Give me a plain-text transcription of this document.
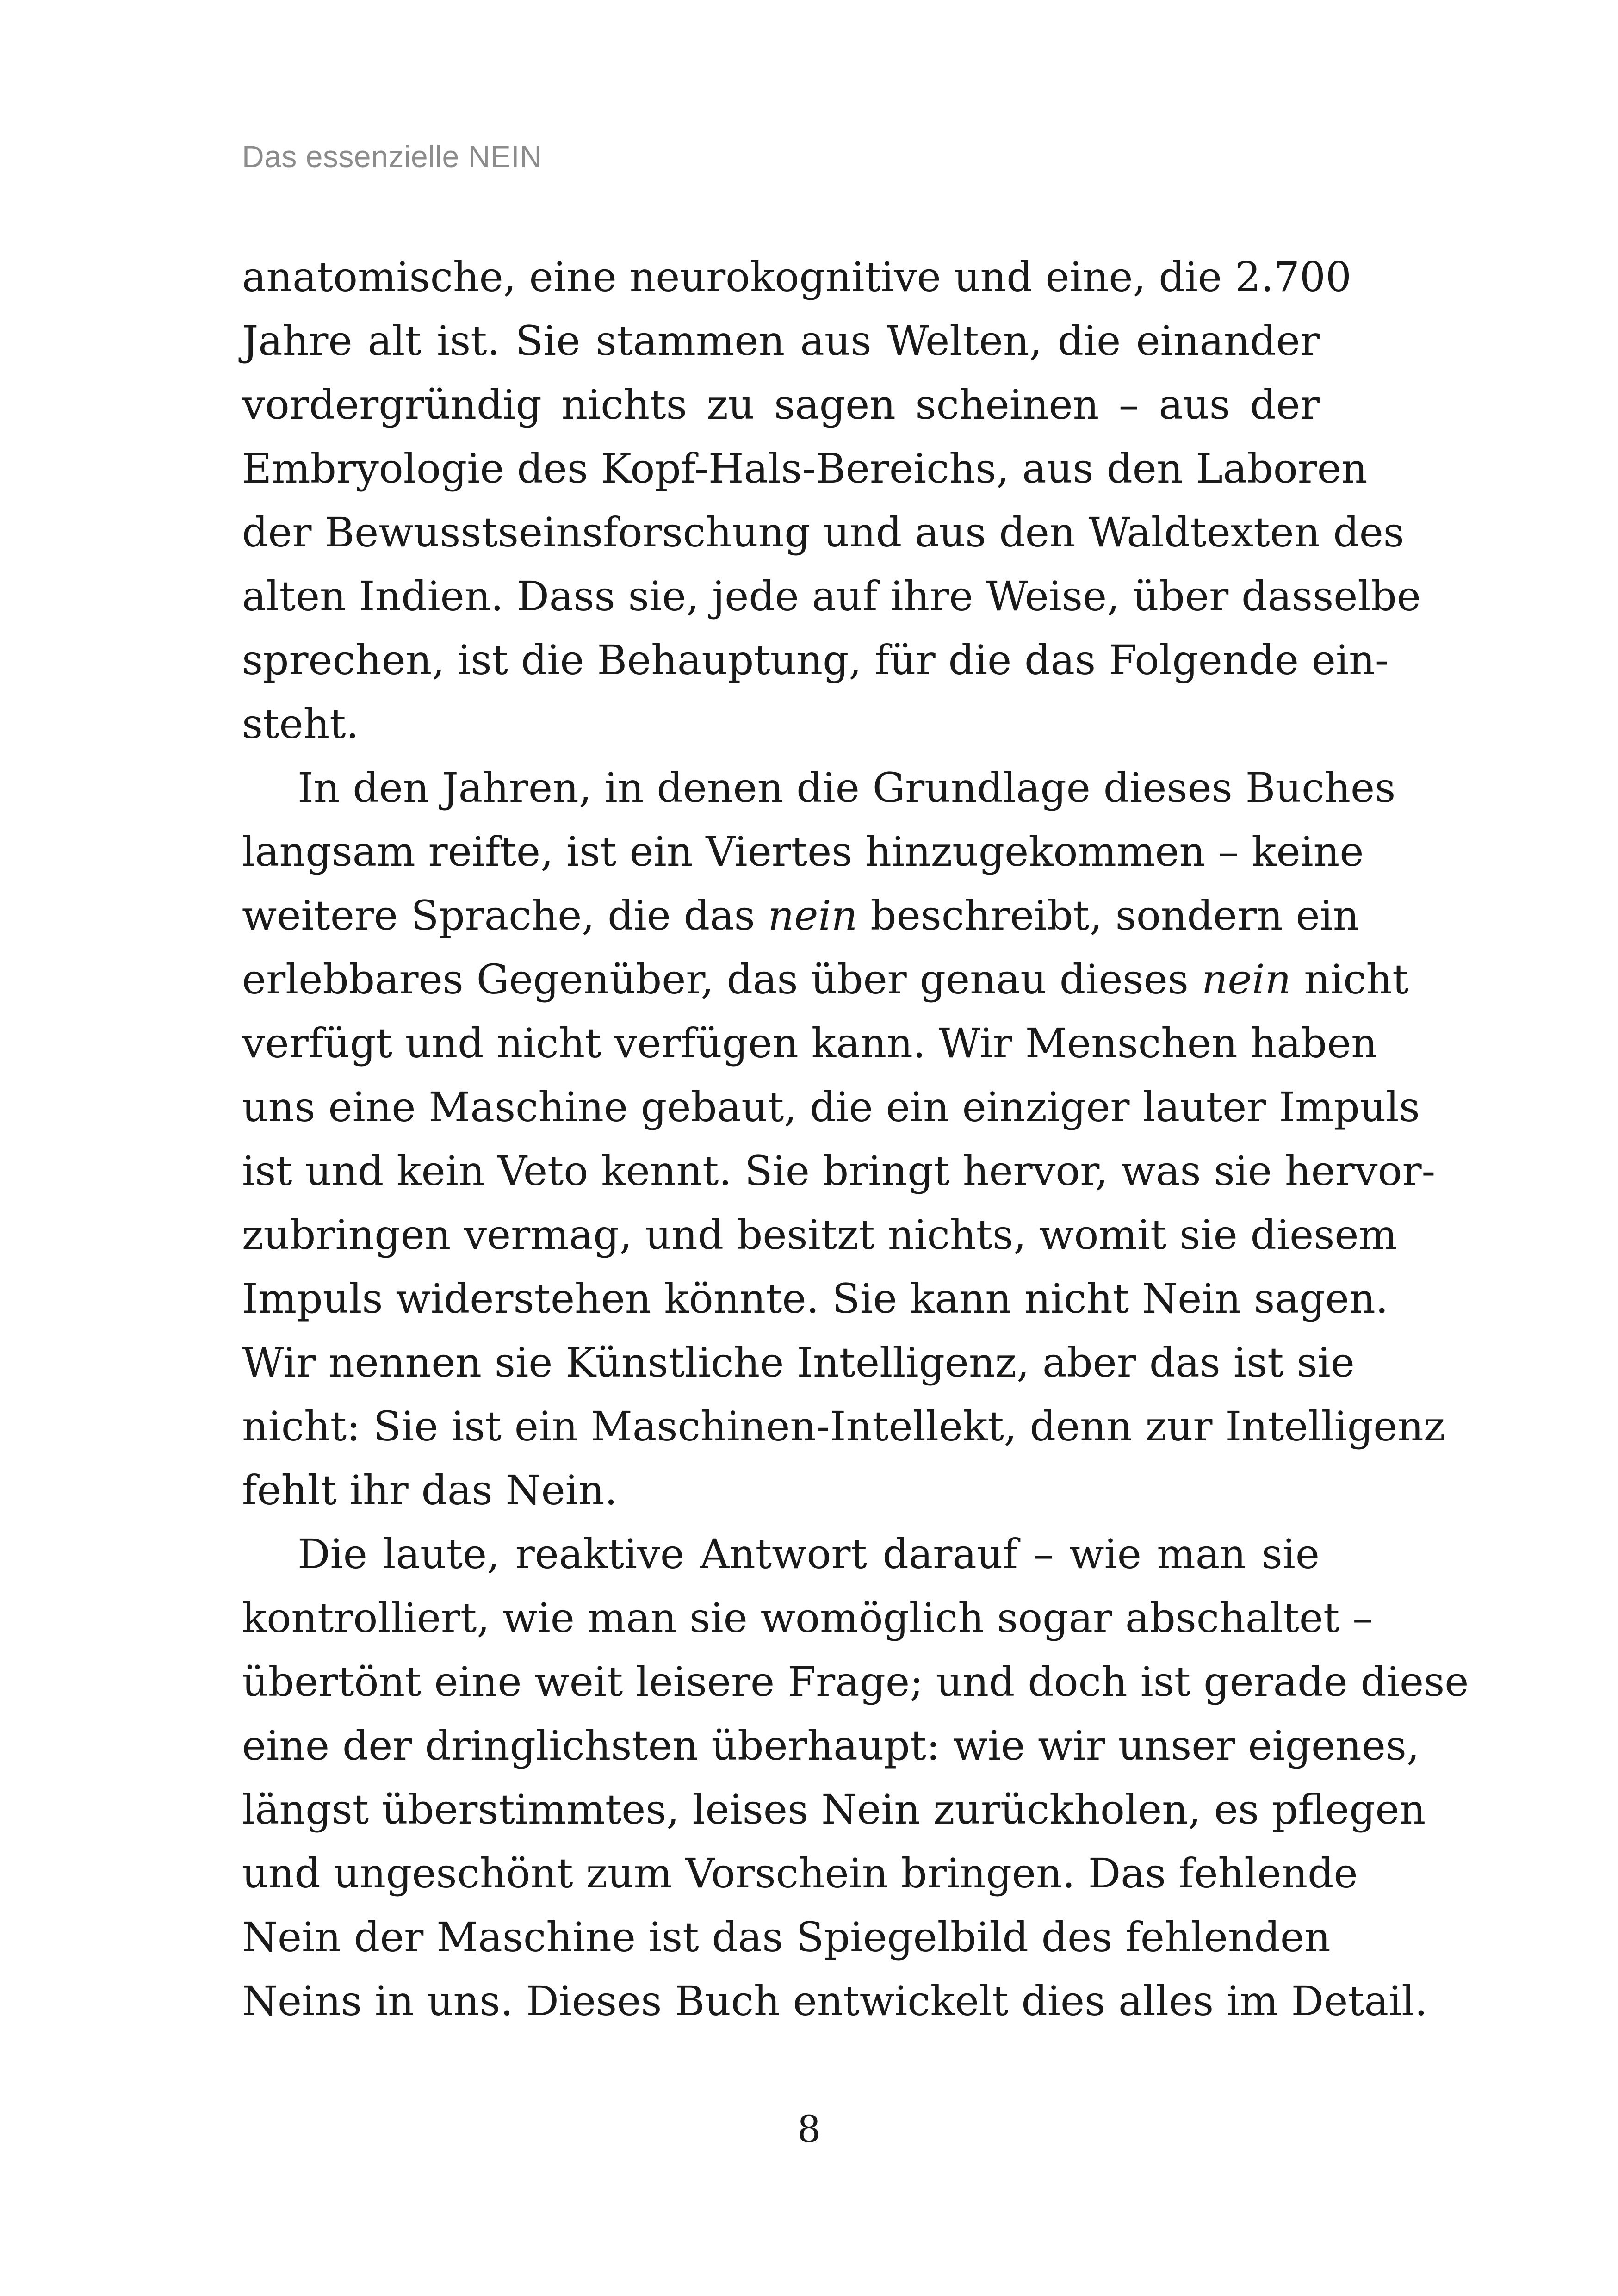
Das essenzielle NEIN
anatomische, eine neurokognitive und eine, die 2.700
Jahre alt ist. Sie stammen aus Welten, die einander
vordergründig nichts zu sagen scheinen – aus der
Embryologie des Kopf-Hals-Bereichs, aus den Laboren
der Bewusstseinsforschung und aus den Waldtexten des
alten Indien. Dass sie, jede auf ihre Weise, über dasselbe
sprechen, ist die Behauptung, für die das Folgende ein-
steht.
In den Jahren, in denen die Grundlage dieses Buches
langsam reifte, ist ein Viertes hinzugekommen – keine
weitere Sprache, die das nein beschreibt, sondern ein
erlebbares Gegenüber, das über genau dieses nein nicht
verfügt und nicht verfügen kann. Wir Menschen haben
uns eine Maschine gebaut, die ein einziger lauter Impuls
ist und kein Veto kennt. Sie bringt hervor, was sie hervor-
zubringen vermag, und besitzt nichts, womit sie diesem
Impuls widerstehen könnte. Sie kann nicht Nein sagen.
Wir nennen sie Künstliche Intelligenz, aber das ist sie
nicht: Sie ist ein Maschinen-Intellekt, denn zur Intelligenz
fehlt ihr das Nein.
Die laute, reaktive Antwort darauf – wie man sie
kontrolliert, wie man sie womöglich sogar abschaltet –
übertönt eine weit leisere Frage; und doch ist gerade diese
eine der dringlichsten überhaupt: wie wir unser eigenes,
längst überstimmtes, leises Nein zurückholen, es pflegen
und ungeschönt zum Vorschein bringen. Das fehlende
Nein der Maschine ist das Spiegelbild des fehlenden
Neins in uns. Dieses Buch entwickelt dies alles im Detail.
8
